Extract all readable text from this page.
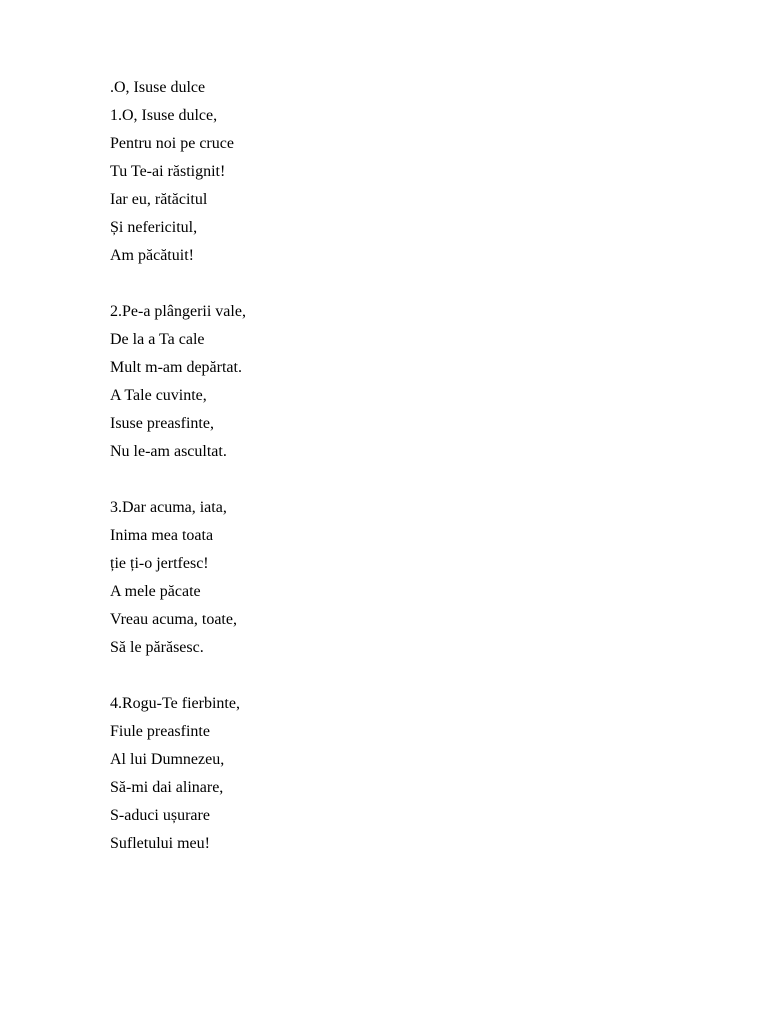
.O, Isuse dulce
1.O, Isuse dulce,
Pentru noi pe cruce
Tu Te-ai răstignit!
Iar eu, rătăcitul
Și nefericitul,
Am păcătuit!
2.Pe-a plângerii vale,
De la a Ta cale
Mult m-am depărtat.
A Tale cuvinte,
Isuse preasfinte,
Nu le-am ascultat.
3.Dar acuma, iata,
Inima mea toata
ție ți-o jertfesc!
A mele păcate
Vreau acuma, toate,
Să le părăsesc.
4.Rogu-Te fierbinte,
Fiule preasfinte
Al lui Dumnezeu,
Să-mi dai alinare,
S-aduci ușurare
Sufletului meu!
